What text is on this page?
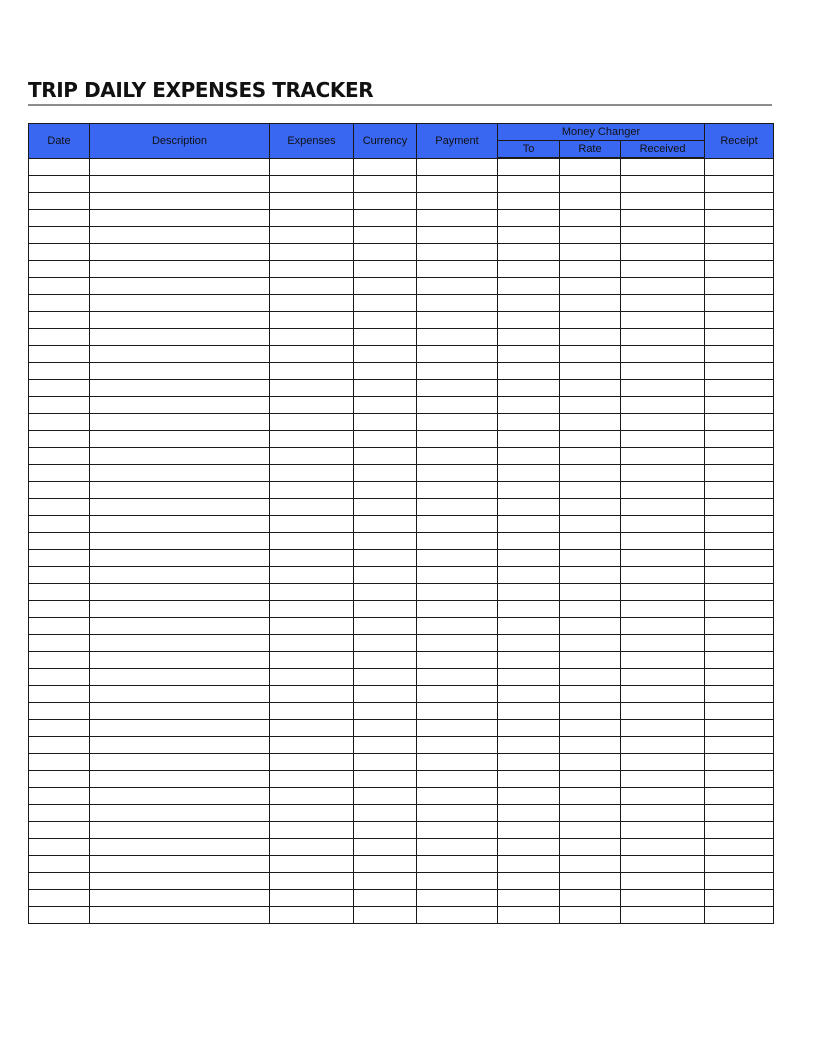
TRIP DAILY EXPENSES TRACKER
Date	Description	Expenses	Currency	Payment	Money Changer			Receipt
					To	Rate	Received	
